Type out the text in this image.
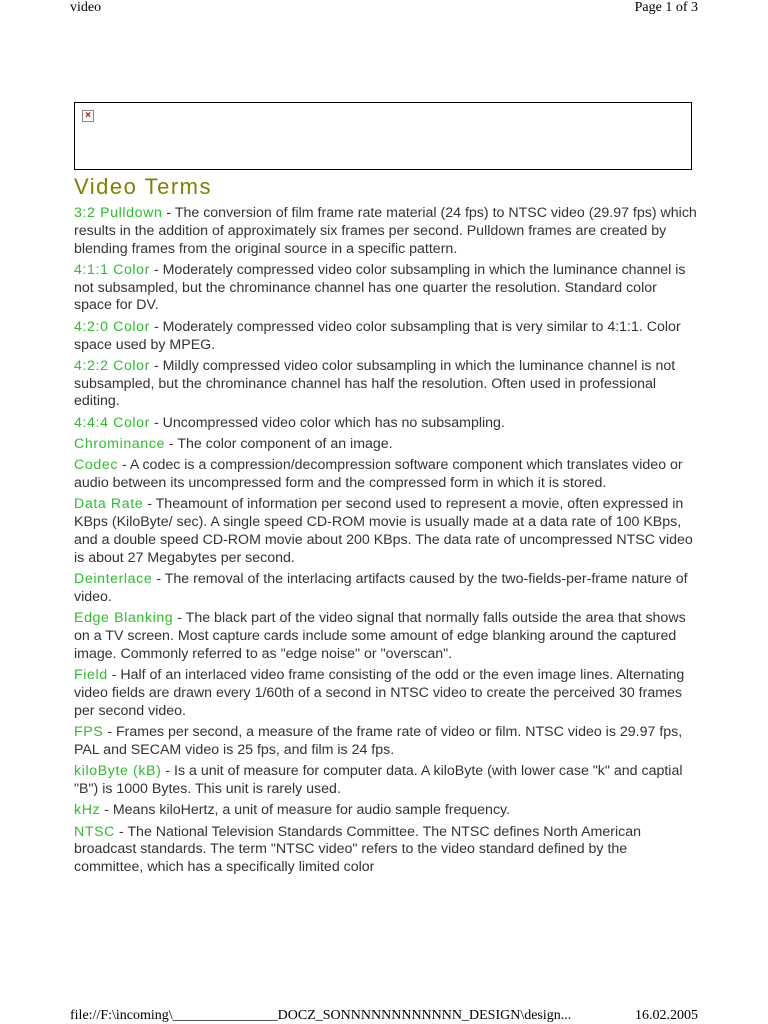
video	Page 1 of 3
×
Video Terms
3:2 Pulldown - The conversion of film frame rate material (24 fps) to NTSC video (29.97 fps) which results in the addition of approximately six frames per second. Pulldown frames are created by blending frames from the original source in a specific pattern.
4:1:1 Color - Moderately compressed video color subsampling in which the luminance channel is not subsampled, but the chrominance channel has one quarter the resolution. Standard color space for DV.
4:2:0 Color - Moderately compressed video color subsampling that is very similar to 4:1:1. Color space used by MPEG.
4:2:2 Color - Mildly compressed video color subsampling in which the luminance channel is not subsampled, but the chrominance channel has half the resolution. Often used in professional editing.
4:4:4 Color - Uncompressed video color which has no subsampling.
Chrominance - The color component of an image.
Codec - A codec is a compression/decompression software component which translates video or audio between its uncompressed form and the compressed form in which it is stored.
Data Rate - Theamount of information per second used to represent a movie, often expressed in KBps (KiloByte/ sec). A single speed CD-ROM movie is usually made at a data rate of 100 KBps, and a double speed CD-ROM movie about 200 KBps. The data rate of uncompressed NTSC video is about 27 Megabytes per second.
Deinterlace - The removal of the interlacing artifacts caused by the two-fields-per-frame nature of video.
Edge Blanking - The black part of the video signal that normally falls outside the area that shows on a TV screen. Most capture cards include some amount of edge blanking around the captured image. Commonly referred to as "edge noise" or "overscan".
Field - Half of an interlaced video frame consisting of the odd or the even image lines. Alternating video fields are drawn every 1/60th of a second in NTSC video to create the perceived 30 frames per second video.
FPS - Frames per second, a measure of the frame rate of video or film. NTSC video is 29.97 fps, PAL and SECAM video is 25 fps, and film is 24 fps.
kiloByte (kB) - Is a unit of measure for computer data. A kiloByte (with lower case "k" and captial "B") is 1000 Bytes. This unit is rarely used.
kHz - Means kiloHertz, a unit of measure for audio sample frequency.
NTSC - The National Television Standards Committee. The NTSC defines North American broadcast standards. The term "NTSC video" refers to the video standard defined by the committee, which has a specifically limited color
file://F:\incoming\_______________DOCZ_SONNNNNNNNNNNN_DESIGN\design...	16.02.2005
